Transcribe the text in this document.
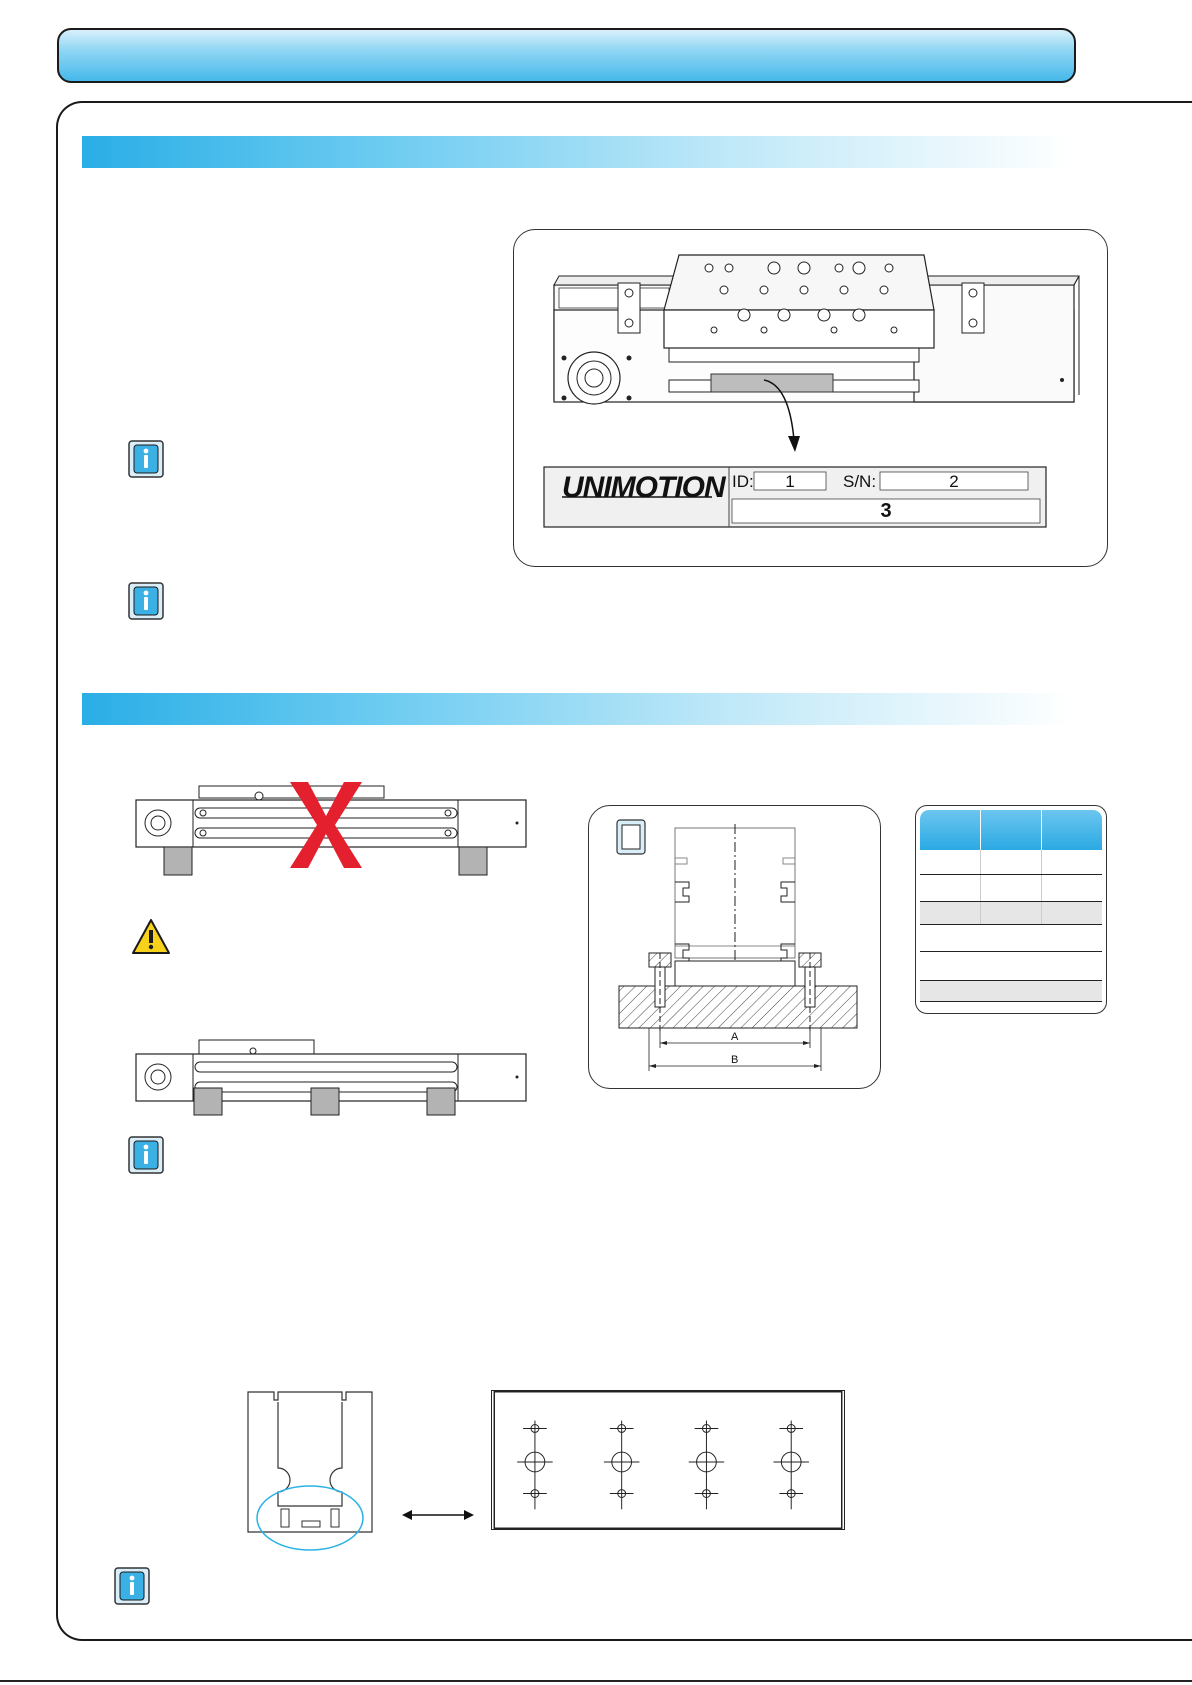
UNIMOTION ID:	1	S/N:	2
3
A
B
